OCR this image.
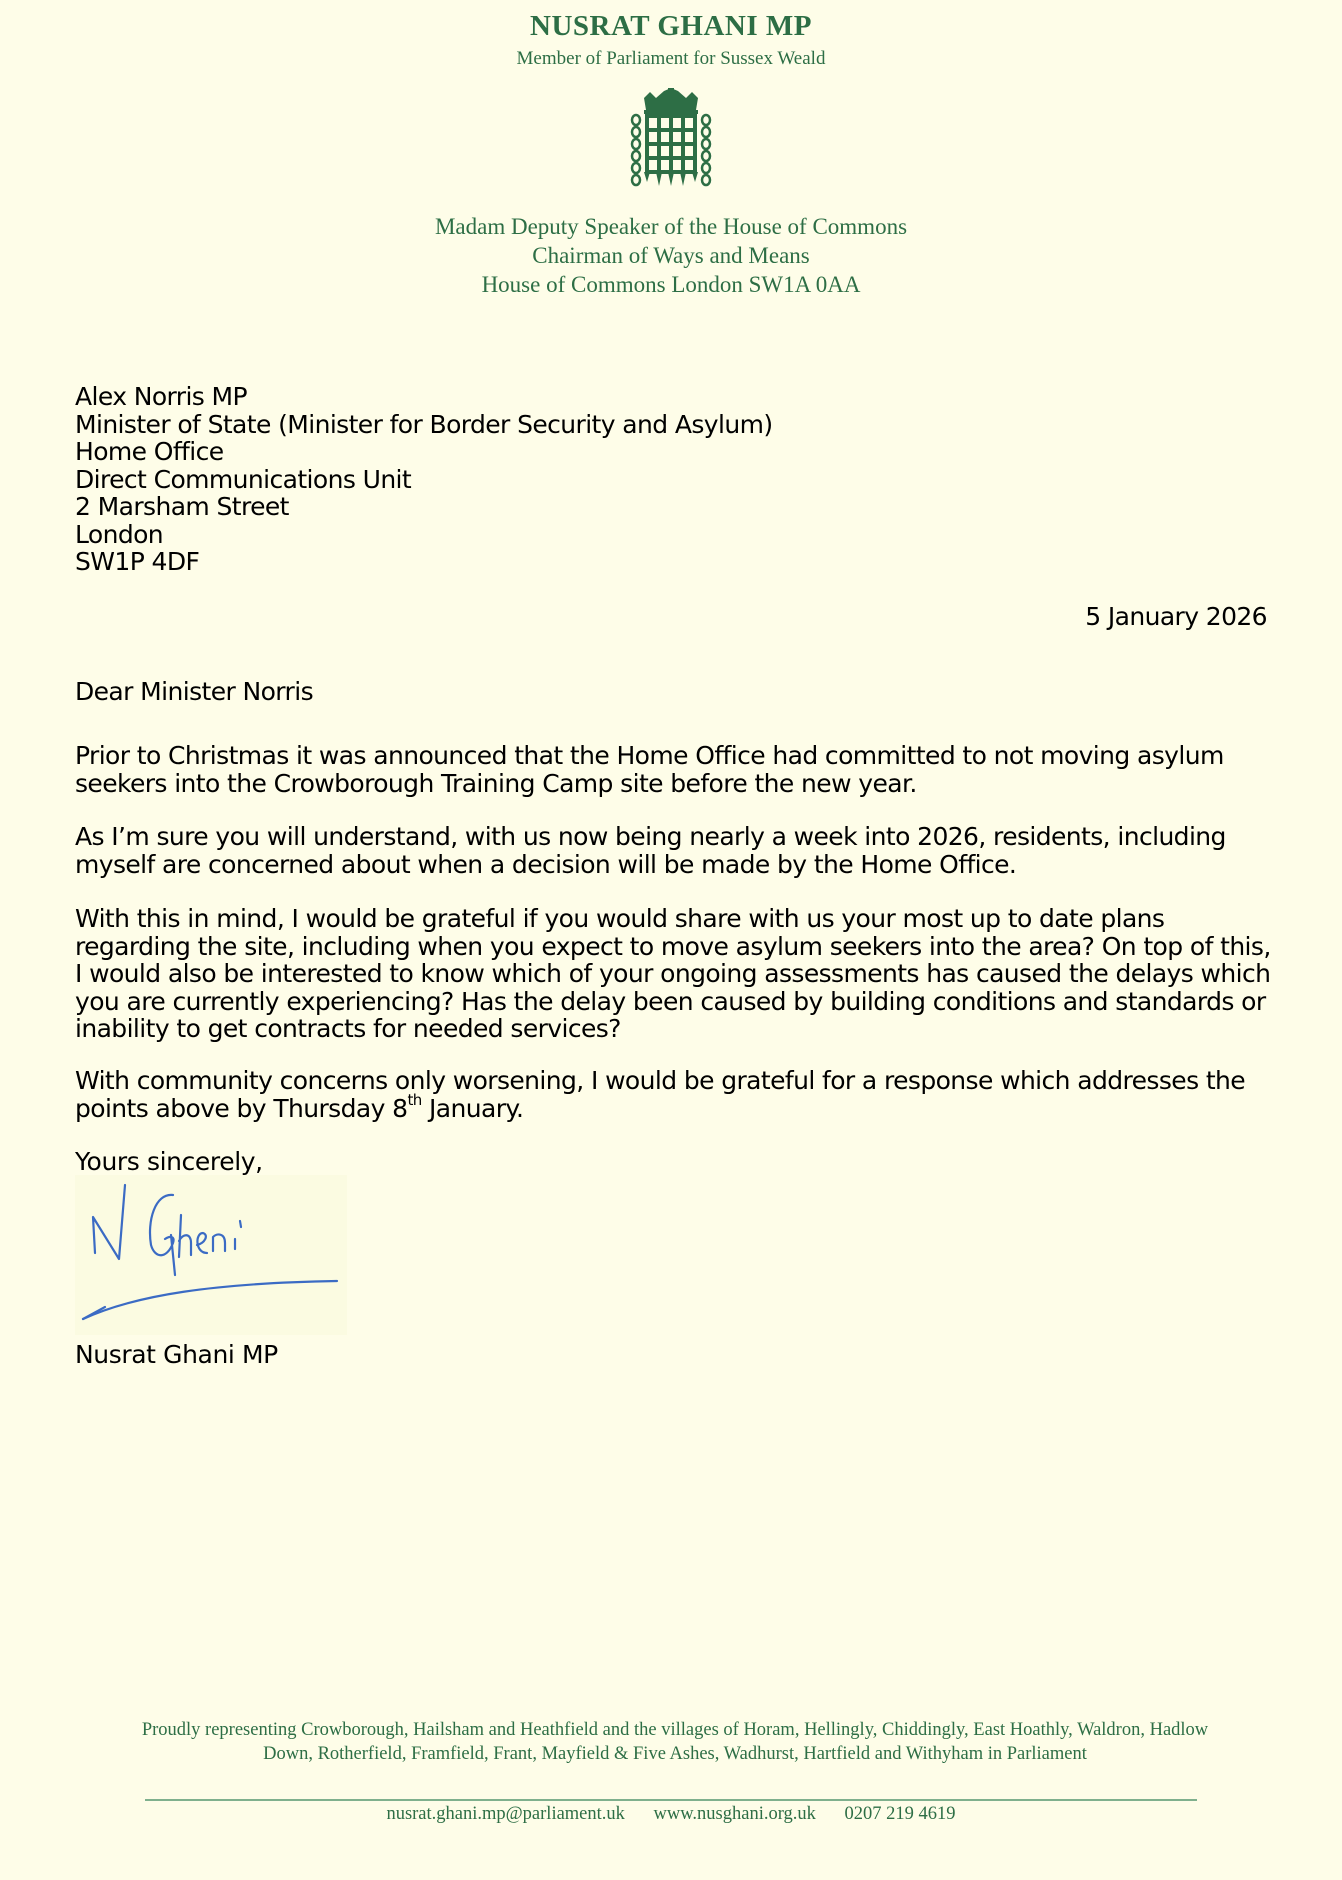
NUSRAT GHANI MP
Member of Parliament for Sussex Weald
Madam Deputy Speaker of the House of Commons
Chairman of Ways and Means
House of Commons London SW1A 0AA
Alex Norris MP
Minister of State (Minister for Border Security and Asylum)
Home Office
Direct Communications Unit
2 Marsham Street
London
SW1P 4DF
5 January 2026
Dear Minister Norris
Prior to Christmas it was announced that the Home Office had committed to not moving asylum seekers into the Crowborough Training Camp site before the new year.
As I’m sure you will understand, with us now being nearly a week into 2026, residents, including myself are concerned about when a decision will be made by the Home Office.
With this in mind, I would be grateful if you would share with us your most up to date plans regarding the site, including when you expect to move asylum seekers into the area? On top of this, I would also be interested to know which of your ongoing assessments has caused the delays which you are currently experiencing? Has the delay been caused by building conditions and standards or inability to get contracts for needed services?
With community concerns only worsening, I would be grateful for a response which addresses the points above by Thursday 8th January.
Yours sincerely,
Nusrat Ghani MP
Proudly representing Crowborough, Hailsham and Heathfield and the villages of Horam, Hellingly, Chiddingly, East Hoathly, Waldron, Hadlow Down, Rotherfield, Framfield, Frant, Mayfield & Five Ashes, Wadhurst, Hartfield and Withyham in Parliament
nusrat.ghani.mp@parliament.uk www.nusghani.org.uk 0207 219 4619
